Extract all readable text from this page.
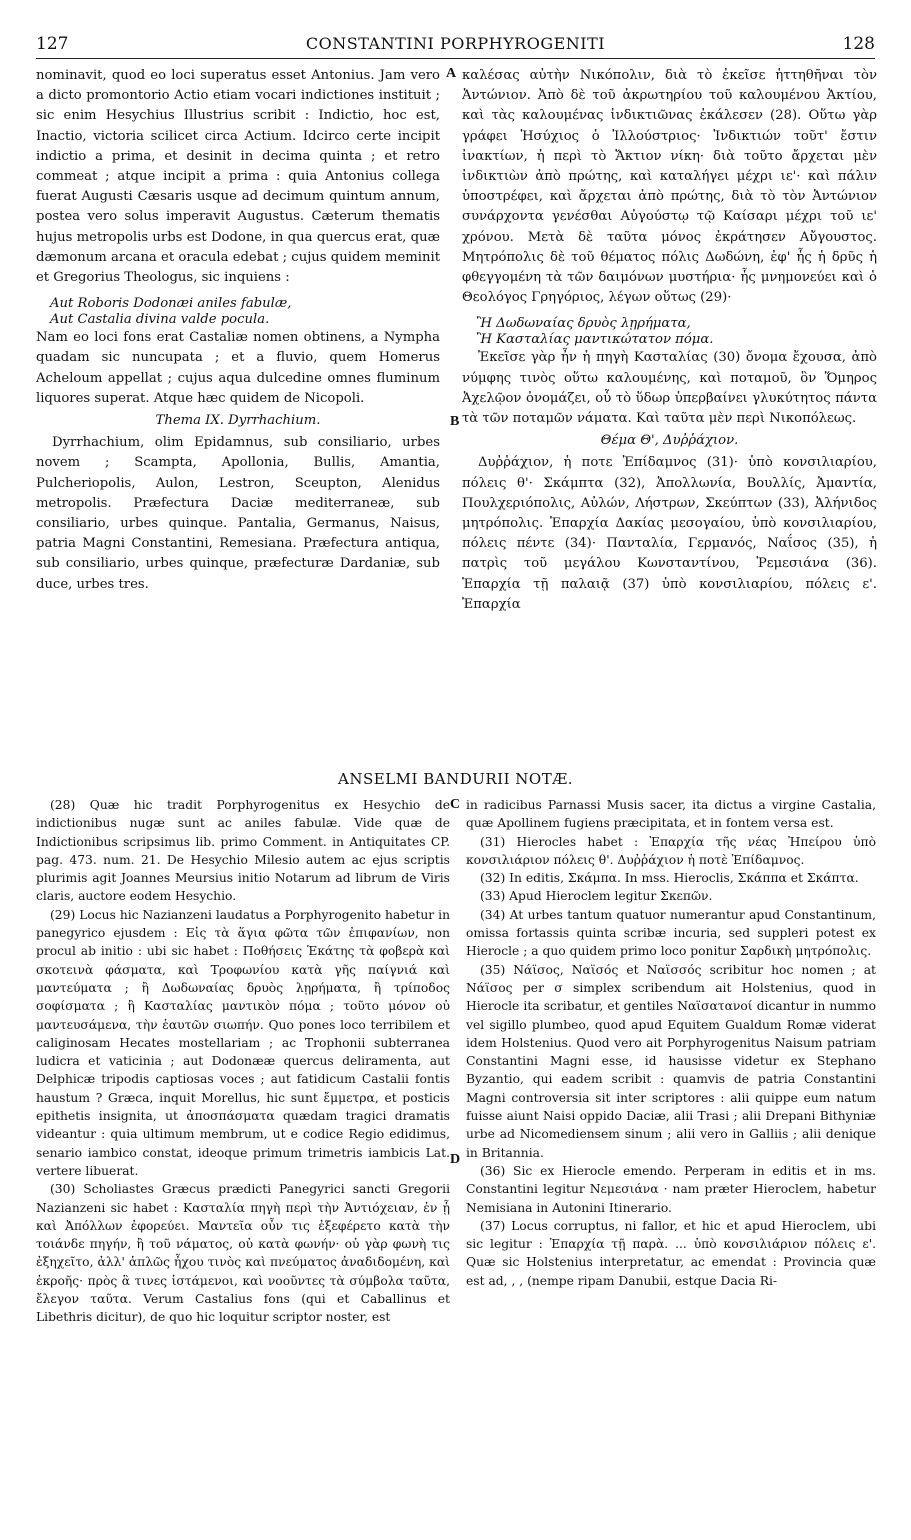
127	CONSTANTINI PORPHYROGENITI	128

nominavit, quod eo loci superatus esset Antonius. Jam vero a dicto promontorio Actio etiam vocari indictiones instituit ; sic enim Hesychius Illustrius scribit : Indictio, hoc est, Inactio, victoria scilicet circa Actium. Idcirco certe incipit indictio a prima, et desinit in decima quinta ; et retro commeat ; atque incipit a prima : quia Antonius collega fuerat Augusti Cæsaris usque ad decimum quintum annum, postea vero solus imperavit Augustus. Cæterum thematis hujus metropolis urbs est Dodone, in qua quercus erat, quæ dæmonum arcana et oracula edebat ; cujus quidem meminit et Gregorius Theologus, sic inquiens :

Aut Roboris Dodonæi aniles fabulæ,
Aut Castalia divina valde pocula.

Nam eo loci fons erat Castaliæ nomen obtinens, a Nympha quadam sic nuncupata ; et a fluvio, quem Homerus Acheloum appellat ; cujus aqua dulcedine omnes fluminum liquores superat. Atque hæc quidem de Nicopoli.

Thema IX. Dyrrhachium.

Dyrrhachium, olim Epidamnus, sub consiliario, urbes novem ; Scampta, Apollonia, Bullis, Amantia, Pulcheriopolis, Aulon, Lestron, Sceupton, Alenidus metropolis. Præfectura Daciæ mediterraneæ, sub consiliario, urbes quinque. Pantalia, Germanus, Naisus, patria Magni Constantini, Remesiana. Præfectura antiqua, sub consiliario, urbes quinque, præfecturæ Dardaniæ, sub duce, urbes tres.

καλέσας αὐτὴν Νικόπολιν, διὰ τὸ ἐκεῖσε ἡττηθῆναι τὸν Ἀντώνιον. Ἀπὸ δὲ τοῦ ἀκρωτηρίου τοῦ καλουμένου Ἀκτίου, καὶ τὰς καλουμένας ἰνδικτιῶνας ἐκάλεσεν (28). Οὕτω γὰρ γράφει Ἡσύχιος ὁ Ἰλλούστριος· Ἰνδικτιών τοῦτ' ἔστιν ἰνακτίων, ἡ περὶ τὸ Ἄκτιον νίκη· διὰ τοῦτο ἄρχεται μὲν ἰνδικτιὼν ἀπὸ πρώτης, καὶ καταλήγει μέχρι ιε'· καὶ πάλιν ὑποστρέφει, καὶ ἄρχεται ἀπὸ πρώτης, διὰ τὸ τὸν Ἀντώνιον συνάρχοντα γενέσθαι Αὐγούστῳ τῷ Καίσαρι μέχρι τοῦ ιε' χρόνου. Μετὰ δὲ ταῦτα μόνος ἐκράτησεν Αὔγουστος. Μητρόπολις δὲ τοῦ θέματος πόλις Δωδώνη, ἐφ' ἧς ἡ δρῦς ἡ φθεγγομένη τὰ τῶν δαιμόνων μυστήρια· ἧς μνημονεύει καὶ ὁ Θεολόγος Γρηγόριος, λέγων οὕτως (29)·

Ἢ Δωδωναίας δρυὸς λῃρήματα,
Ἢ Κασταλίας μαντικώτατον πόμα.

Ἐκεῖσε γὰρ ἦν ἡ πηγὴ Κασταλίας (30) ὄνομα ἔχουσα, ἀπὸ νύμφης τινὸς οὕτω καλουμένης, καὶ ποταμοῦ, ὃν Ὅμηρος Ἀχελῷον ὀνομάζει, οὗ τὸ ὕδωρ ὑπερβαίνει γλυκύτητος πάντα τὰ τῶν ποταμῶν νάματα. Καὶ ταῦτα μὲν περὶ Νικοπόλεως.

Θέμα Θ', Δυῤῥάχιον.

Δυῤῥάχιον, ἡ ποτε Ἐπίδαμνος (31)· ὑπὸ κονσιλιαρίου, πόλεις θ'· Σκάμπτα (32), Ἀπολλωνία, Βουλλίς, Ἀμαντία, Πουλχεριόπολις, Αὐλών, Λήστρων, Σκεύπτων (33), Ἀλήνιδος μητρόπολις. Ἐπαρχία Δακίας μεσογαίου, ὑπὸ κονσιλιαρίου, πόλεις πέντε (34)· Πανταλία, Γερμανός, Ναΐσος (35), ἡ πατρὶς τοῦ μεγάλου Κωνσταντίνου, Ῥεμεσιάνα (36). Ἐπαρχία τῇ παλαιᾷ (37) ὑπὸ κονσιλιαρίου, πόλεις ε'. Ἐπαρχία

A
B
C
D
ANSELMI BANDURII NOTÆ.

(28) Quæ hic tradit Porphyrogenitus ex Hesychio de indictionibus nugæ sunt ac aniles fabulæ. Vide quæ de Indictionibus scripsimus lib. primo Comment. in Antiquitates CP. pag. 473. num. 21. De Hesychio Milesio autem ac ejus scriptis plurimis agit Joannes Meursius initio Notarum ad librum de Viris claris, auctore eodem Hesychio.

(29) Locus hic Nazianzeni laudatus a Porphyrogenito habetur in panegyrico ejusdem : Εἰς τὰ ἅγια φῶτα τῶν ἐπιφανίων, non procul ab initio : ubi sic habet : Ποθήσεις Ἑκάτης τὰ φοβερὰ καὶ σκοτεινὰ φάσματα, καὶ Τροφωνίου κατὰ γῆς παίγνιά καὶ μαντεύματα ; ἢ Δωδωναίας δρυὸς λῃρήματα, ἢ τρίποδος σοφίσματα ; ἢ Κασταλίας μαντικὸν πόμα ; τοῦτο μόνον οὐ μαντευσάμενα, τὴν ἑαυτῶν σιωπήν. Quo pones loco terribilem et caliginosam Hecates mostellariam ; ac Trophonii subterranea ludicra et vaticinia ; aut Dodonææ quercus deliramenta, aut Delphicæ tripodis captiosas voces ; aut fatidicum Castalii fontis haustum ? Græca, inquit Morellus, hic sunt ἔμμετρα, et posticis epithetis insignita, ut ἀποσπάσματα quædam tragici dramatis videantur : quia ultimum membrum, ut e codice Regio edidimus, senario iambico constat, ideoque primum trimetris iambicis Lat. vertere libuerat.

(30) Scholiastes Græcus prædicti Panegyrici sancti Gregorii Nazianzeni sic habet : Κασταλία πηγὴ περὶ τὴν Ἀντιόχειαν, ἐν ᾗ καὶ Ἀπόλλων ἐφορεύει. Μαντεῖα οὖν τις ἐξεφέρετο κατὰ τὴν τοιάνδε πηγήν, ἢ τοῦ νάματος, οὐ κατὰ φωνήν· οὐ γὰρ φωνὴ τις ἐξηχεῖτο, ἀλλ' ἁπλῶς ἦχου τινὸς καὶ πνεύματος ἀναδιδομένη, καὶ ἐκροῆς· πρὸς ἃ τινες ἱστάμενοι, καὶ νοοῦντες τὰ σύμβολα ταῦτα, ἔλεγον ταῦτα. Verum Castalius fons (qui et Caballinus et Libethris dicitur), de quo hic loquitur scriptor noster, est

in radicibus Parnassi Musis sacer, ita dictus a virgine Castalia, quæ Apollinem fugiens præcipitata, et in fontem versa est.

(31) Hierocles habet : Ἐπαρχία τῆς νέας Ἠπείρου ὑπὸ κονσιλιάριον πόλεις θ'. Δυῤῥάχιον ἡ ποτὲ Ἐπίδαμνος.

(32) In editis, Σκάμπα. In mss. Hieroclis, Σκάππα et Σκάπτα.

(33) Apud Hieroclem legitur Σκεπῶν.

(34) At urbes tantum quatuor numerantur apud Constantinum, omissa fortassis quinta scribæ incuria, sed suppleri potest ex Hierocle ; a quo quidem primo loco ponitur Σαρδικὴ μητρόπολις.

(35) Νάϊσος, Ναϊσός et Ναϊσσός scribitur hoc nomen ; at Νάϊσος per σ simplex scribendum ait Holstenius, quod in Hierocle ita scribatur, et gentiles Ναϊσατανοί dicantur in nummo vel sigillo plumbeo, quod apud Equitem Gualdum Romæ viderat idem Holstenius. Quod vero ait Porphyrogenitus Naisum patriam Constantini Magni esse, id hausisse videtur ex Stephano Byzantio, qui eadem scribit : quamvis de patria Constantini Magni controversia sit inter scriptores : alii quippe eum natum fuisse aiunt Naisi oppido Daciæ, alii Trasi ; alii Drepani Bithyniæ urbe ad Nicomediensem sinum ; alii vero in Galliis ; alii denique in Britannia.

(36) Sic ex Hierocle emendo. Perperam in editis et in ms. Constantini legitur Νεμεσιάνα · nam præter Hieroclem, habetur Nemisiana in Autonini Itinerario.

(37) Locus corruptus, ni fallor, et hic et apud Hieroclem, ubi sic legitur : Ἐπαρχία τῇ παρὰ. ... ὑπὸ κονσιλιάριον πόλεις ε'. Quæ sic Holstenius interpretatur, ac emendat : Provincia quæ est ad, , , (nempe ripam Danubii, estque Dacia Ri-
